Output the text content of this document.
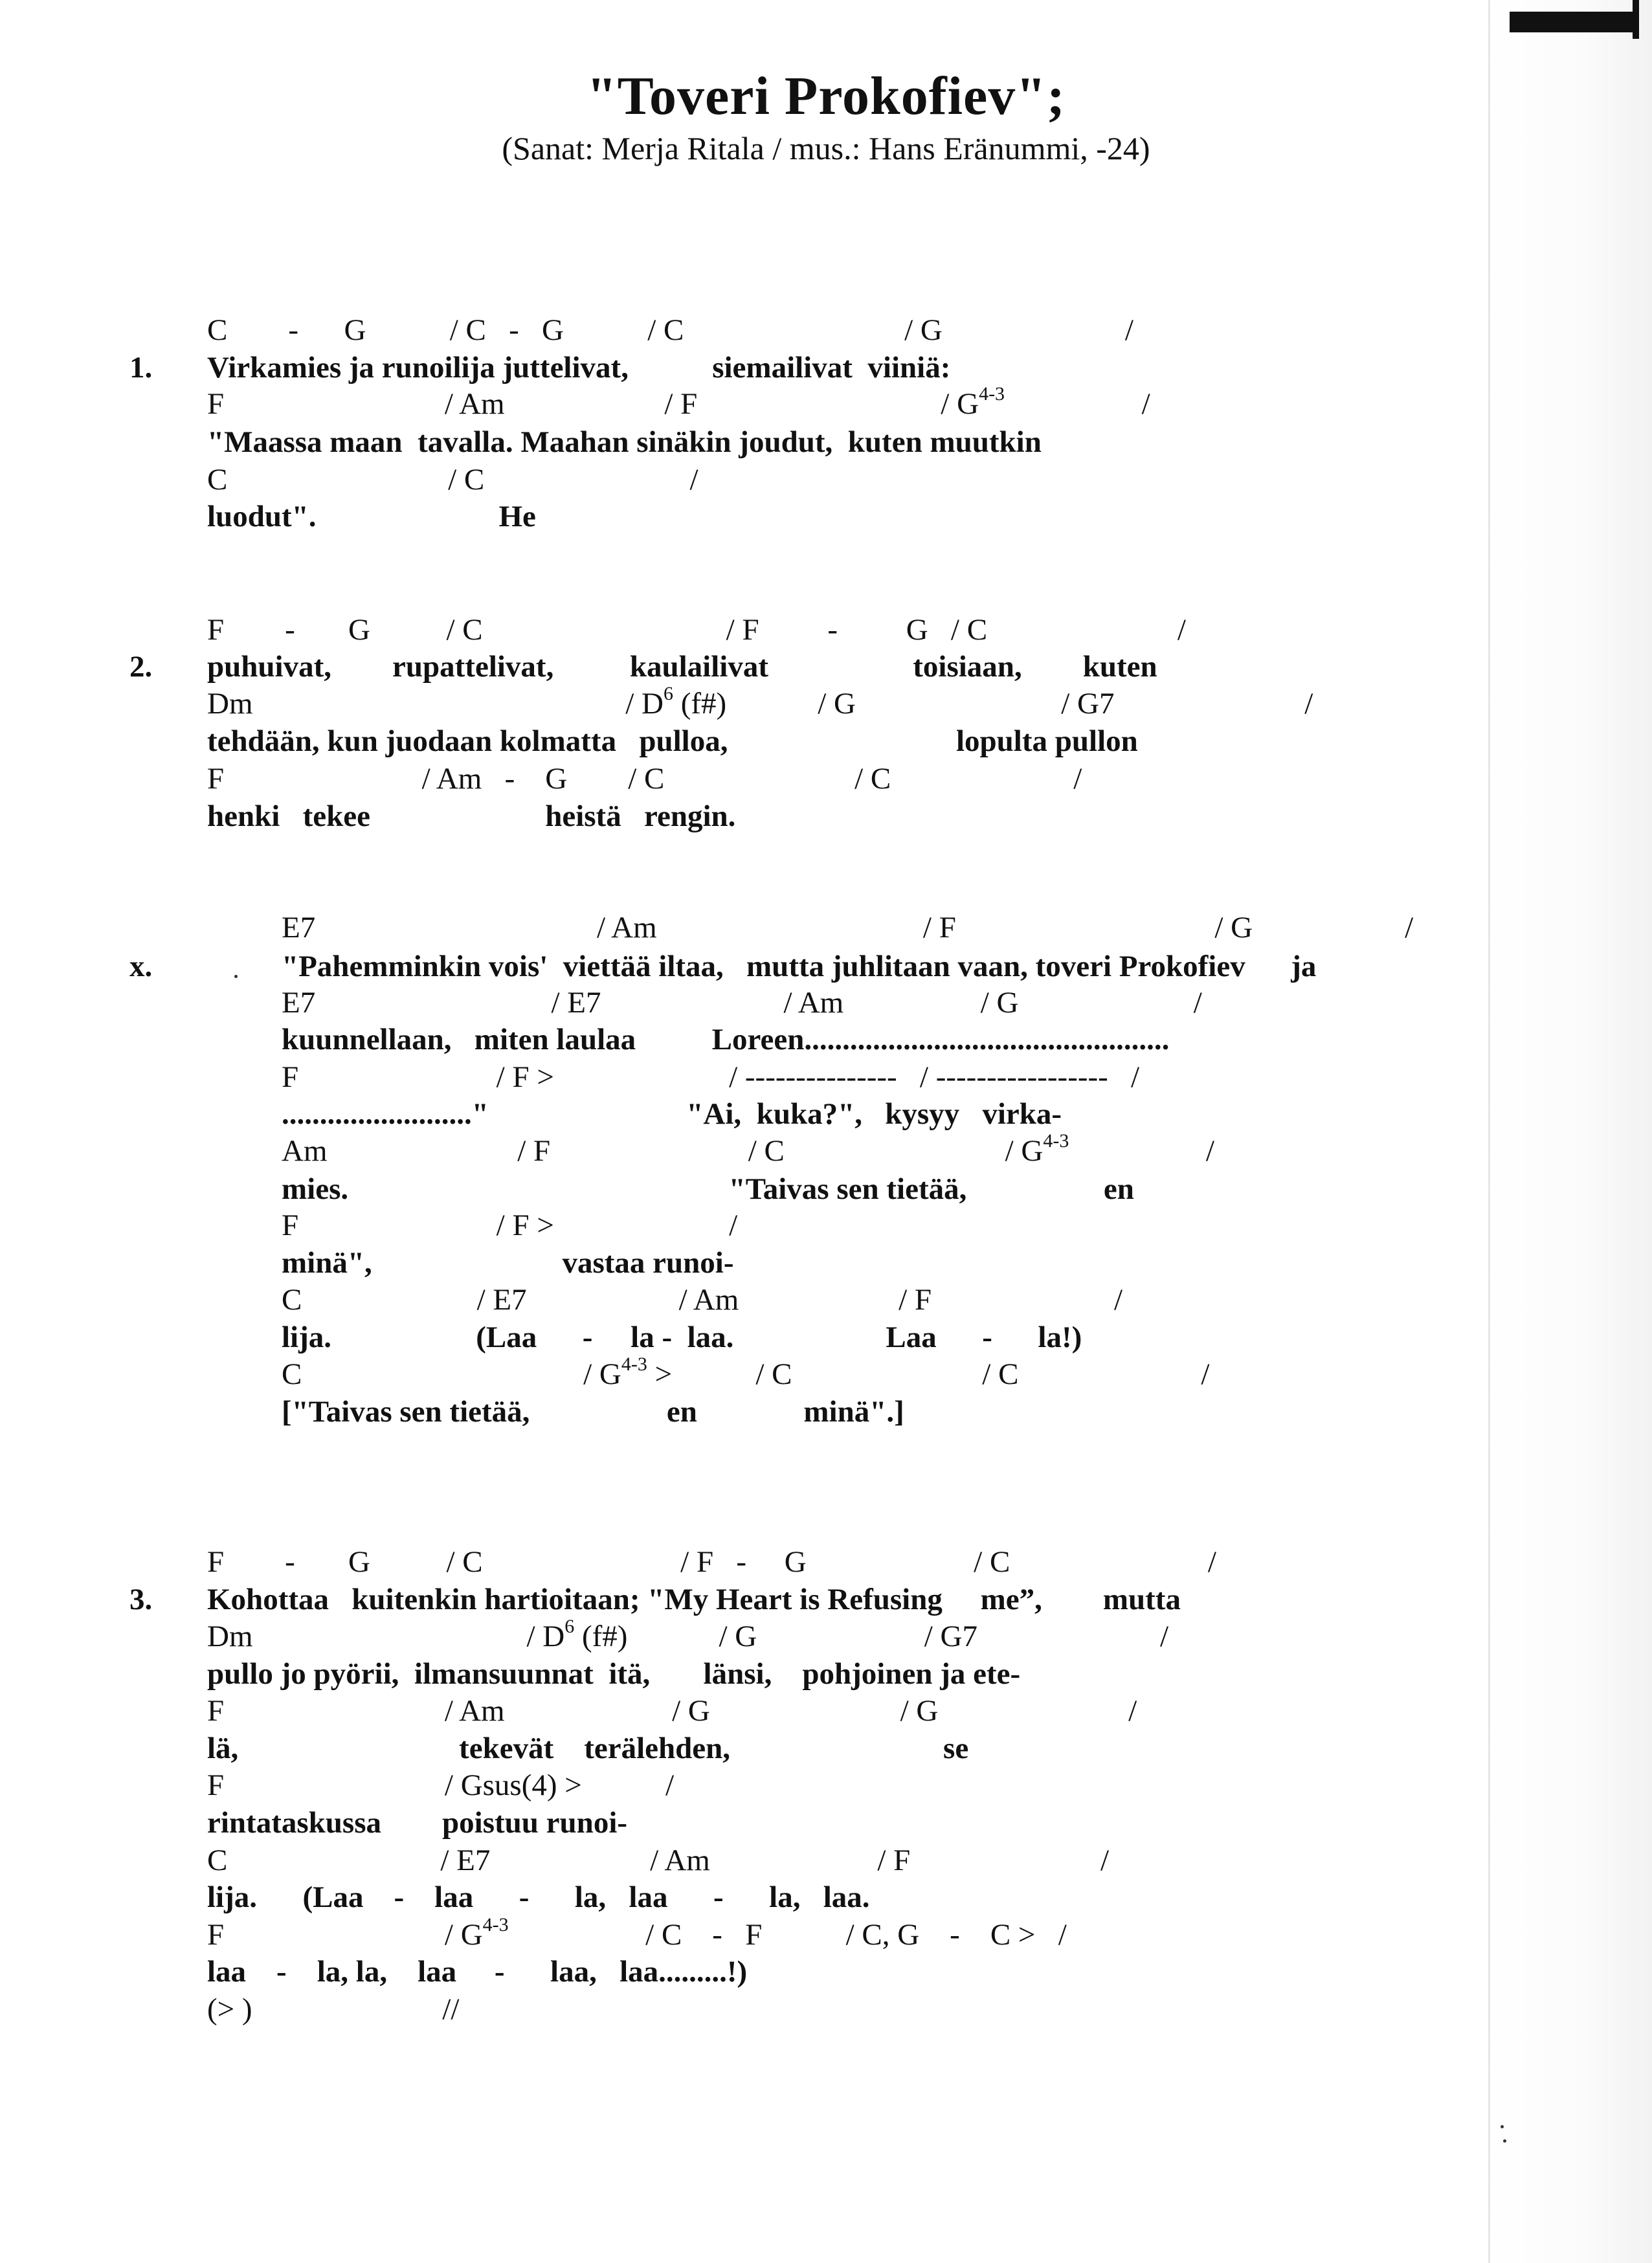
"Toveri Prokofiev";
(Sanat: Merja Ritala / mus.: Hans Eränummi, -24)
1.
C        -      G           / C   -   G           / C                             / G                        /
Virkamies ja runoilija juttelivat,           siemailivat  viiniä:
F                             / Am                     / F                                / $G^{4-3}$                  /
"Maassa maan  tavalla. Maahan sinäkin joudut,  kuten muutkin
C                             / C                           /
luodut".                        He
2.
F        -       G          / C                                / F         -         G   / C                         /
puhuivat,        rupattelivat,          kaulailivat                   toisiaan,        kuten
Dm                                                 / $D^6$ (f#)            / G                           / G7                         /
tehdään, kun juodaan kolmatta   pulloa,                              lopulta pullon
F                          / Am   -    G        / C                         / C                        /
henki   tekee                       heistä   rengin.
x.
E7                                     / Am                                   / F                                  / G                    /
"Pahemminkin vois'  viettää iltaa,   mutta juhlitaan vaan, toveri Prokofiev      ja
E7                               / E7                        / Am                  / G                       /
kuunnellaan,   miten laulaa          Loreen................................................
F                          / F >                       / ---------------   / -----------------   /
........................."                          "Ai,  kuka?",   kysyy   virka-
Am                         / F                          / C                             / $G^{4-3}$                  /
mies.                                                  "Taivas sen tietää,                  en
F                          / F >                       /
minä",                         vastaa runoi-
C                       / E7                    / Am                     / F                        /
lija.                   (Laa      -     la -  laa.                    Laa      -      la!)
C                                     / $G^{4-3}$ >           / C                         / C                        /
["Taivas sen tietää,                  en              minä".]
3.
F        -       G          / C                          / F   -     G                      / C                          /
Kohottaa   kuitenkin hartioitaan; "My Heart is Refusing     me”,        mutta
Dm                                    / $D^6$ (f#)            / G                      / G7                        /
pullo jo pyörii,  ilmansuunnat  itä,       länsi,    pohjoinen ja ete-
F                             / Am                      / G                         / G                         /
lä,                             tekevät    terälehden,                            se
F                             / Gsus(4) >           /
rintataskussa        poistuu runoi-
C                            / E7                     / Am                      / F                         /
lija.      (Laa    -    laa      -      la,   laa      -      la,   laa.
F                             / $G^{4-3}$                  / C    -   F           / C, G    -    C >   /
laa    -    la, la,    laa     -      laa,   laa.........!)
(> )                         //
